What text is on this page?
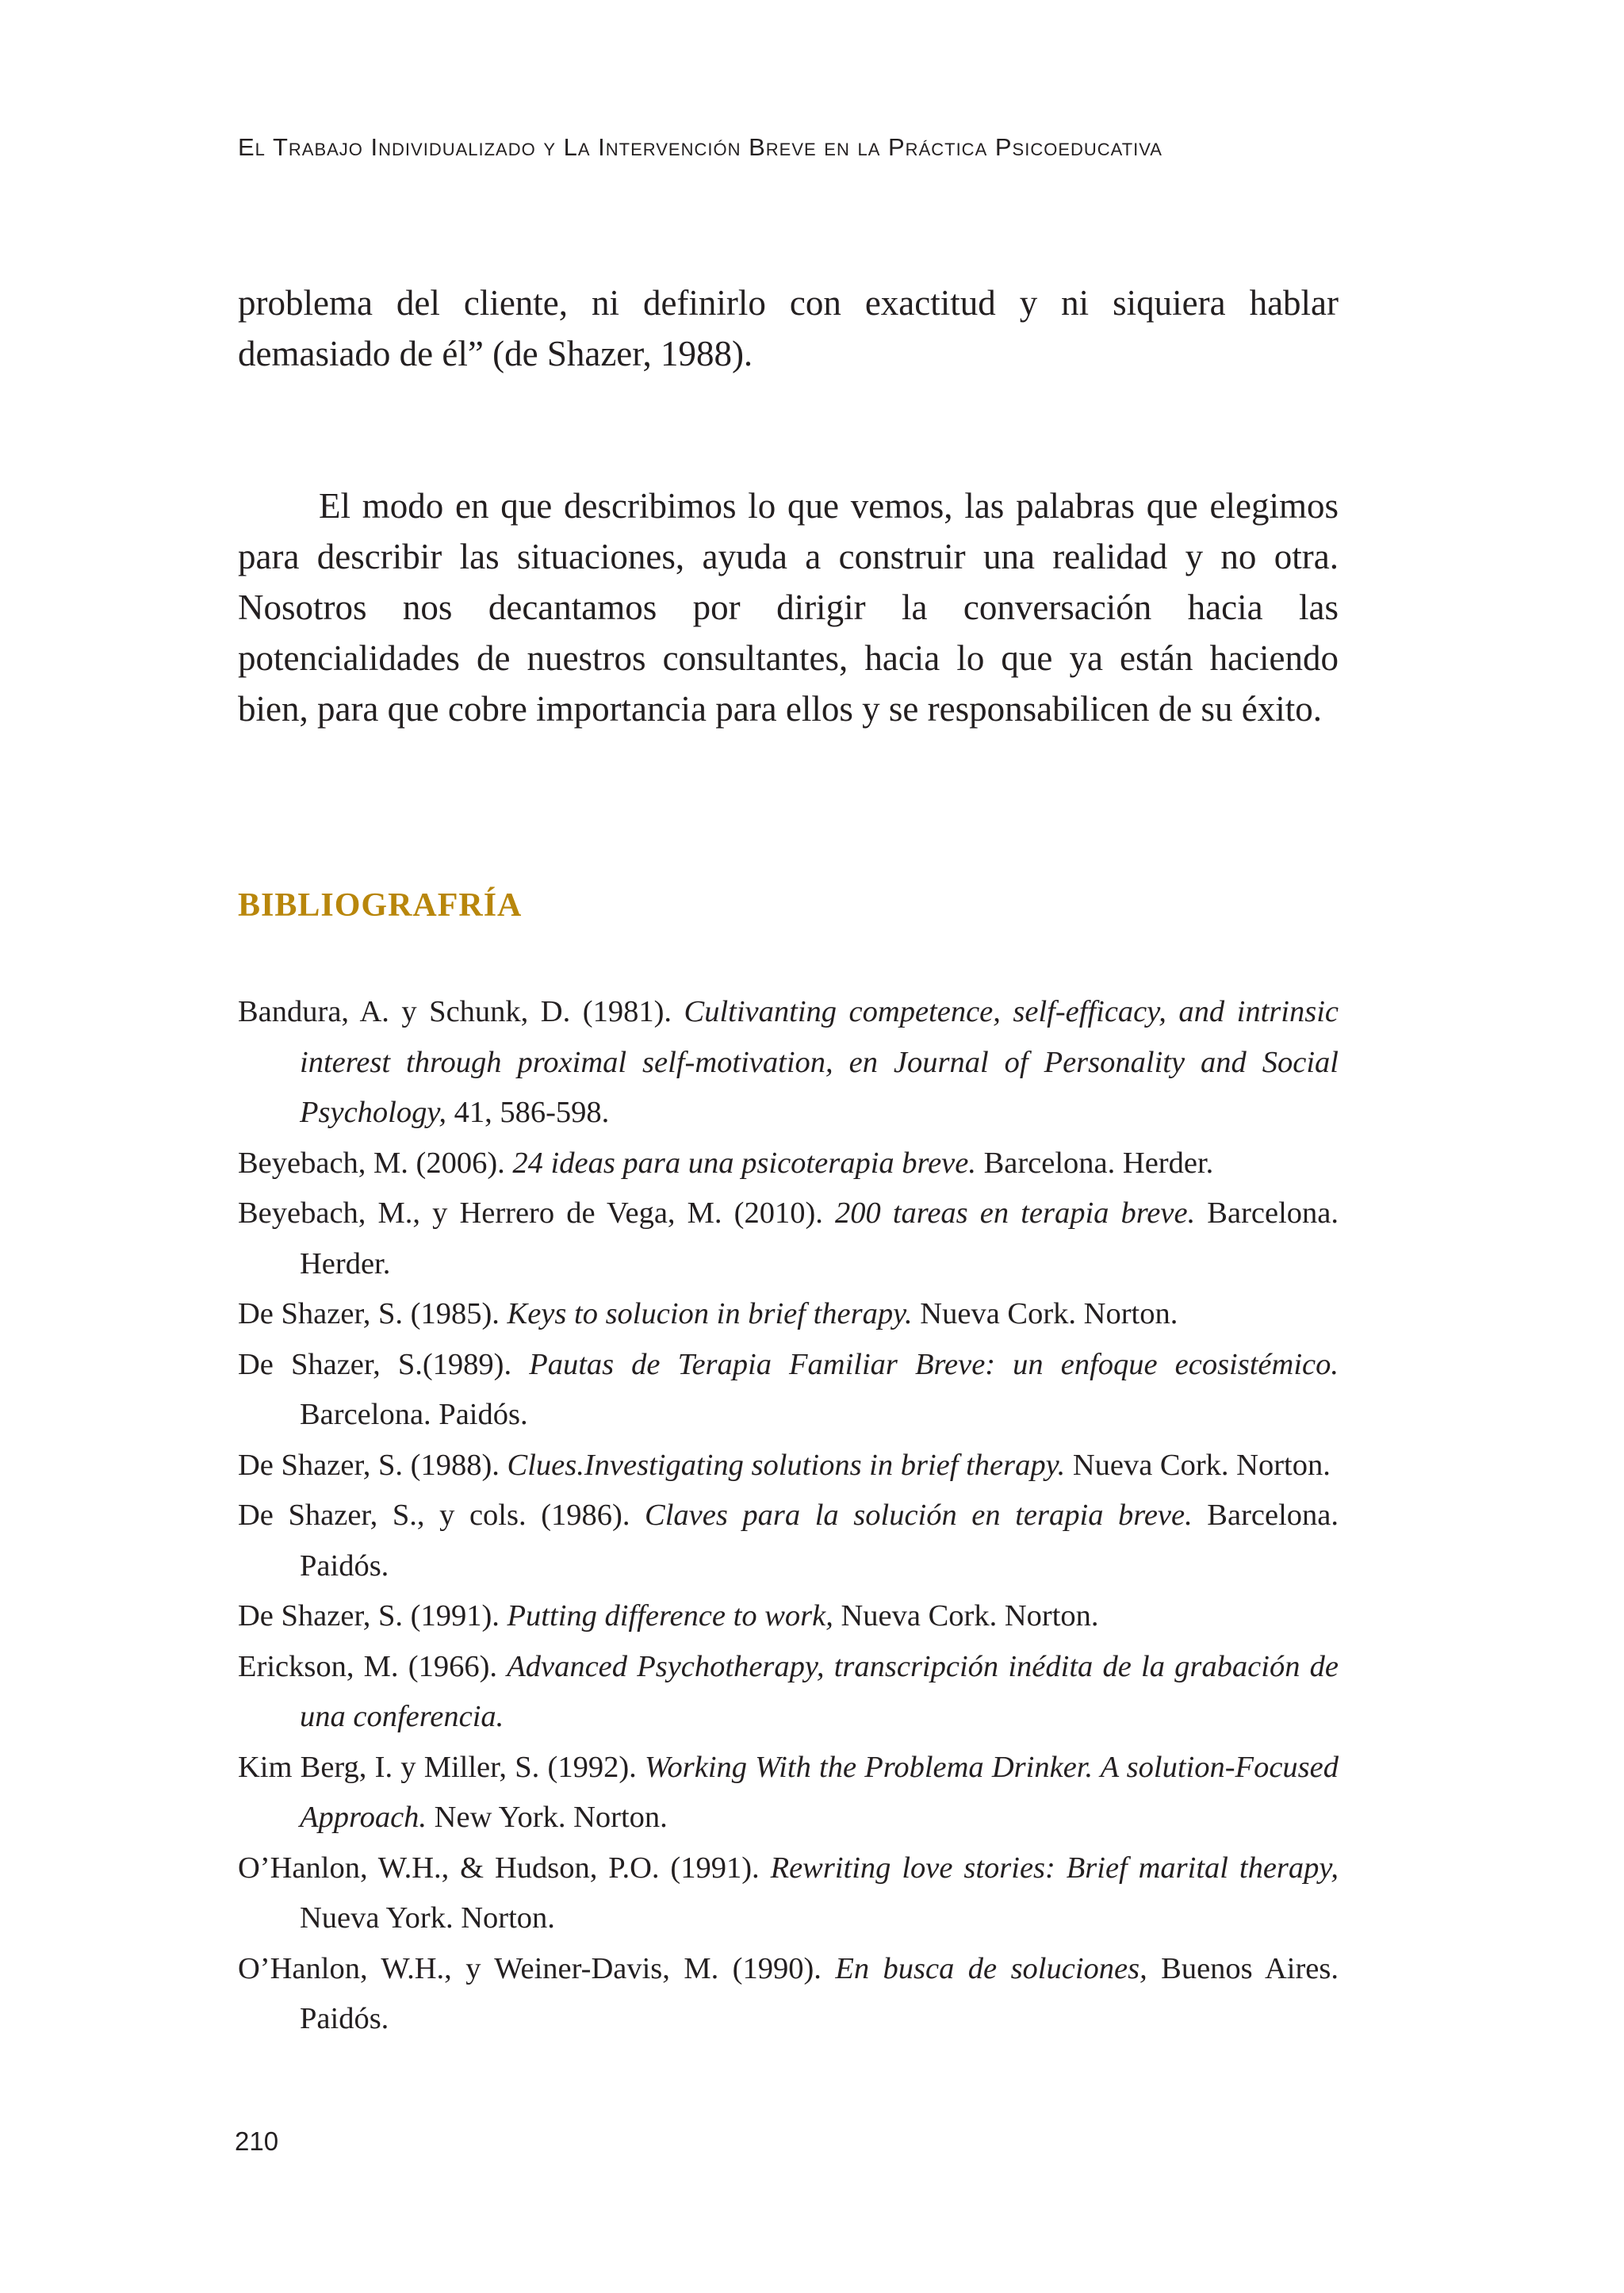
El Trabajo Individualizado y La Intervención Breve en la Práctica Psicoeducativa

problema del cliente, ni definirlo con exactitud y ni siquiera hablar demasiado de él” (de Shazer, 1988).

El modo en que describimos lo que vemos, las palabras que elegimos para describir las situaciones, ayuda a construir una realidad y no otra. Nosotros nos decantamos por dirigir la conversación hacia las potencialidades de nuestros consultantes, hacia lo que ya están haciendo bien, para que cobre importancia para ellos y se responsabilicen de su éxito.

BIBLIOGRAFRÍA
Bandura, A. y Schunk, D. (1981). Cultivanting competence, self-efficacy, and intrinsic interest through proximal self-motivation, en Journal of Personality and Social Psychology, 41, 586-598.
Beyebach, M. (2006). 24 ideas para una psicoterapia breve. Barcelona. Herder.
Beyebach, M., y Herrero de Vega, M. (2010). 200 tareas en terapia breve. Barcelona. Herder.
De Shazer, S. (1985). Keys to solucion in brief therapy. Nueva Cork. Norton.
De Shazer, S.(1989). Pautas de Terapia Familiar Breve: un enfoque ecosistémico. Barcelona. Paidós.
De Shazer, S. (1988). Clues.Investigating solutions in brief therapy. Nueva Cork. Norton.
De Shazer, S., y cols. (1986). Claves para la solución en terapia breve. Barcelona. Paidós.
De Shazer, S. (1991). Putting difference to work, Nueva Cork. Norton.
Erickson, M. (1966). Advanced Psychotherapy, transcripción inédita de la grabación de una conferencia.
Kim Berg, I. y Miller, S. (1992). Working With the Problema Drinker. A solution-Focused Approach. New York. Norton.
O’Hanlon, W.H., & Hudson, P.O. (1991). Rewriting love stories: Brief marital therapy, Nueva York. Norton.
O’Hanlon, W.H., y Weiner-Davis, M. (1990). En busca de soluciones, Buenos Aires. Paidós.
210
